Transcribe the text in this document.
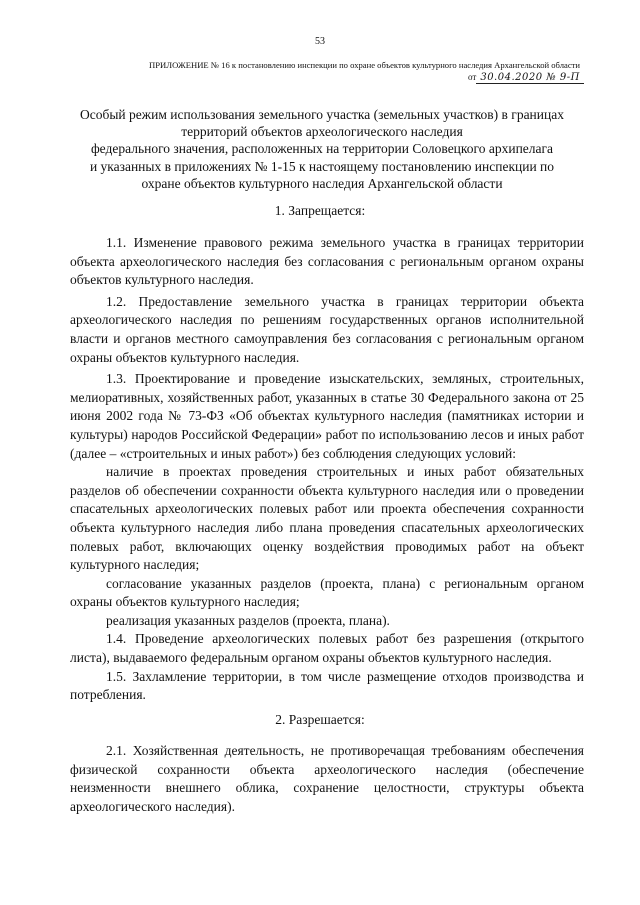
53
ПРИЛОЖЕНИЕ № 16 к постановлению инспекции по охране объектов культурного наследия Архангельской области
от 30.04.2020 № 9-П
Особый режим использования земельного участка (земельных участков) в границах
территорий объектов археологического наследия
федерального значения, расположенных на территории Соловецкого архипелага
и указанных в приложениях № 1-15 к настоящему постановлению инспекции по
охране объектов культурного наследия Архангельской области
1. Запрещается:

1.1. Изменение правового режима земельного участка в границах территории объекта археологического наследия без согласования с региональным органом охраны объектов культурного наследия.

1.2. Предоставление земельного участка в границах территории объекта археологического наследия по решениям государственных органов исполнительной власти и органов местного самоуправления без согласования с региональным органом охраны объектов культурного наследия.

1.3. Проектирование и проведение изыскательских, земляных, строительных, мелиоративных, хозяйственных работ, указанных в статье 30 Федерального закона от 25 июня 2002 года № 73-ФЗ «Об объектах культурного наследия (памятниках истории и культуры) народов Российской Федерации» работ по использованию лесов и иных работ (далее – «строительных и иных работ») без соблюдения следующих условий:

наличие в проектах проведения строительных и иных работ обязательных разделов об обеспечении сохранности объекта культурного наследия или о проведении спасательных археологических полевых работ или проекта обеспечения сохранности объекта культурного наследия либо плана проведения спасательных археологических полевых работ, включающих оценку воздействия проводимых работ на объект культурного наследия;

согласование указанных разделов (проекта, плана) с региональным органом охраны объектов культурного наследия;

реализация указанных разделов (проекта, плана).

1.4. Проведение археологических полевых работ без разрешения (открытого листа), выдаваемого федеральным органом охраны объектов культурного наследия.

1.5. Захламление территории, в том числе размещение отходов производства и потребления.

2. Разрешается:

2.1. Хозяйственная деятельность, не противоречащая требованиям обеспечения физической сохранности объекта археологического наследия (обеспечение неизменности внешнего облика, сохранение целостности, структуры объекта археологического наследия).
